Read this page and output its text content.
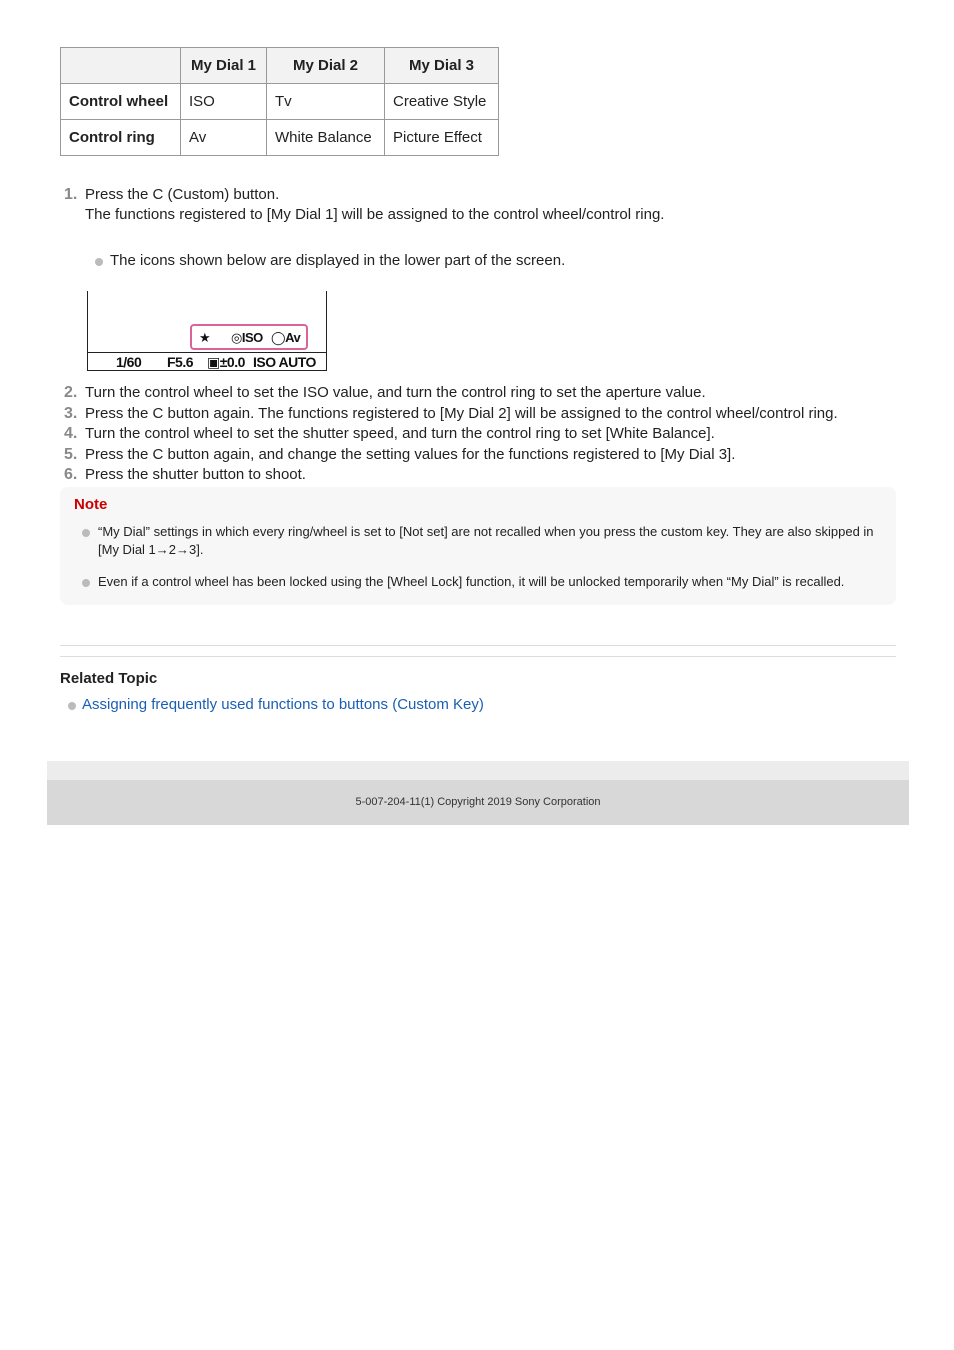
	My Dial 1	My Dial 2	My Dial 3
Control wheel	ISO	Tv	Creative Style
Control ring	Av	White Balance	Picture Effect
1. Press the C (Custom) button.
The functions registered to [My Dial 1] will be assigned to the control wheel/control ring.
The icons shown below are displayed in the lower part of the screen.
★ ◎ISO ◯Av
1/60 F5.6 ▣±0.0 ISO AUTO
2. Turn the control wheel to set the ISO value, and turn the control ring to set the aperture value.
3. Press the C button again. The functions registered to [My Dial 2] will be assigned to the control wheel/control ring.
4. Turn the control wheel to set the shutter speed, and turn the control ring to set [White Balance].
5. Press the C button again, and change the setting values for the functions registered to [My Dial 3].
6. Press the shutter button to shoot.
Note
“My Dial” settings in which every ring/wheel is set to [Not set] are not recalled when you press the custom key. They are also skipped in [My Dial 1→2→3].
Even if a control wheel has been locked using the [Wheel Lock] function, it will be unlocked temporarily when “My Dial” is recalled.
Related Topic
Assigning frequently used functions to buttons (Custom Key)
5-007-204-11(1) Copyright 2019 Sony Corporation
